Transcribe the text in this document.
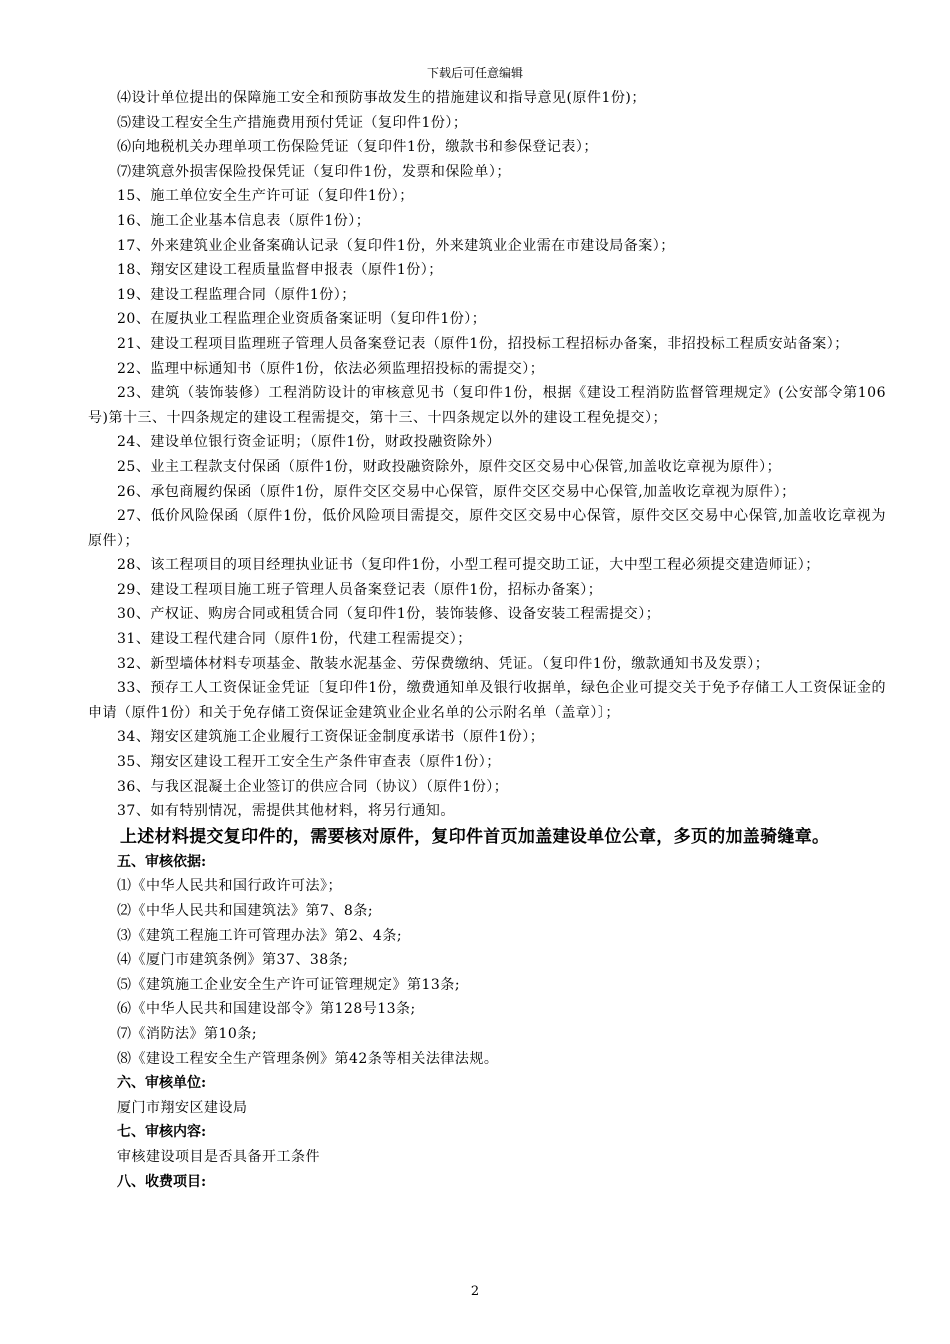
下载后可任意编辑

⑷设计单位提出的保障施工安全和预防事故发生的措施建议和指导意见(原件1份)；

⑸建设工程安全生产措施费用预付凭证（复印件1份）；

⑹向地税机关办理单项工伤保险凭证（复印件1份，缴款书和参保登记表）；

⑺建筑意外损害保险投保凭证（复印件1份，发票和保险单）；

15、施工单位安全生产许可证（复印件1份）；

16、施工企业基本信息表（原件1份）；

17、外来建筑业企业备案确认记录（复印件1份，外来建筑业企业需在市建设局备案）；

18、翔安区建设工程质量监督申报表（原件1份）；

19、建设工程监理合同（原件1份）；

20、在厦执业工程监理企业资质备案证明（复印件1份）；

21、建设工程项目监理班子管理人员备案登记表（原件1份，招投标工程招标办备案，非招投标工程质安站备案）；

22、监理中标通知书（原件1份，依法必须监理招投标的需提交）；

23、建筑（装饰装修）工程消防设计的审核意见书（复印件1份，根据《建设工程消防监督管理规定》(公安部令第106号)第十三、十四条规定的建设工程需提交，第十三、十四条规定以外的建设工程免提交）；

24、建设单位银行资金证明；（原件1份，财政投融资除外）

25、业主工程款支付保函（原件1份，财政投融资除外，原件交区交易中心保管,加盖收讫章视为原件）；

26、承包商履约保函（原件1份，原件交区交易中心保管，原件交区交易中心保管,加盖收讫章视为原件）；

27、低价风险保函（原件1份，低价风险项目需提交，原件交区交易中心保管，原件交区交易中心保管,加盖收讫章视为原件）；

28、该工程项目的项目经理执业证书（复印件1份，小型工程可提交助工证，大中型工程必须提交建造师证）；

29、建设工程项目施工班子管理人员备案登记表（原件1份，招标办备案）；

30、产权证、购房合同或租赁合同（复印件1份，装饰装修、设备安装工程需提交）；

31、建设工程代建合同（原件1份，代建工程需提交）；

32、新型墙体材料专项基金、散装水泥基金、劳保费缴纳、凭证。（复印件1份，缴款通知书及发票）；

33、预存工人工资保证金凭证〔复印件1份，缴费通知单及银行收据单，绿色企业可提交关于免予存储工人工资保证金的申请（原件1份）和关于免存储工资保证金建筑业企业名单的公示附名单（盖章）〕；

34、翔安区建筑施工企业履行工资保证金制度承诺书（原件1份）；

35、翔安区建设工程开工安全生产条件审查表（原件1份）；

36、与我区混凝土企业签订的供应合同（协议）（原件1份）；

37、如有特别情况，需提供其他材料，将另行通知。

上述材料提交复印件的，需要核对原件，复印件首页加盖建设单位公章，多页的加盖骑缝章。

五、审核依据:

⑴《中华人民共和国行政许可法》；

⑵《中华人民共和国建筑法》第7、8条;

⑶《建筑工程施工许可管理办法》第2、4条;

⑷《厦门市建筑条例》第37、38条;

⑸《建筑施工企业安全生产许可证管理规定》第13条;

⑹《中华人民共和国建设部令》第128号13条;

⑺《消防法》第10条;

⑻《建设工程安全生产管理条例》第42条等相关法律法规。

六、审核单位:

厦门市翔安区建设局

七、审核内容:

审核建设项目是否具备开工条件

八、收费项目:

2
